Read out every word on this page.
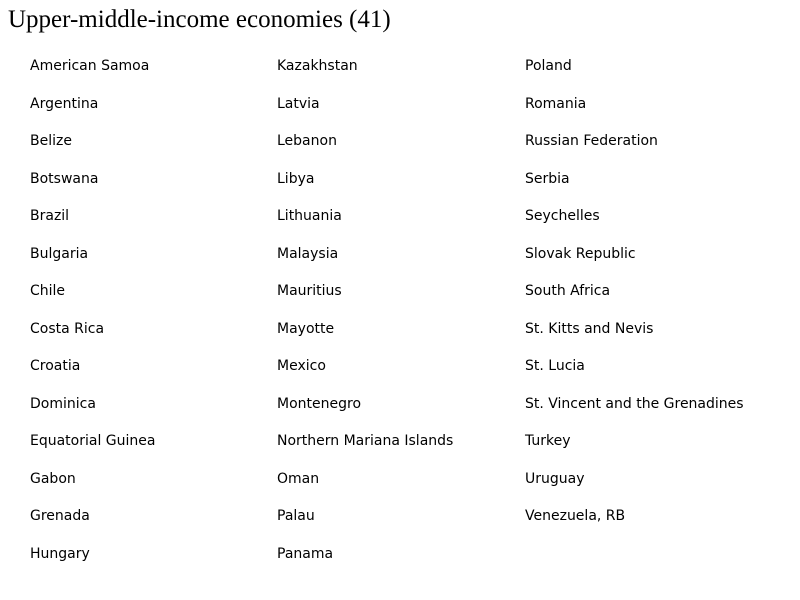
Upper-middle-income economies (41)
American Samoa
Argentina
Belize
Botswana
Brazil
Bulgaria
Chile
Costa Rica
Croatia
Dominica
Equatorial Guinea
Gabon
Grenada
Hungary
Kazakhstan
Latvia
Lebanon
Libya
Lithuania
Malaysia
Mauritius
Mayotte
Mexico
Montenegro
Northern Mariana Islands
Oman
Palau
Panama
Poland
Romania
Russian Federation
Serbia
Seychelles
Slovak Republic
South Africa
St. Kitts and Nevis
St. Lucia
St. Vincent and the Grenadines
Turkey
Uruguay
Venezuela, RB
